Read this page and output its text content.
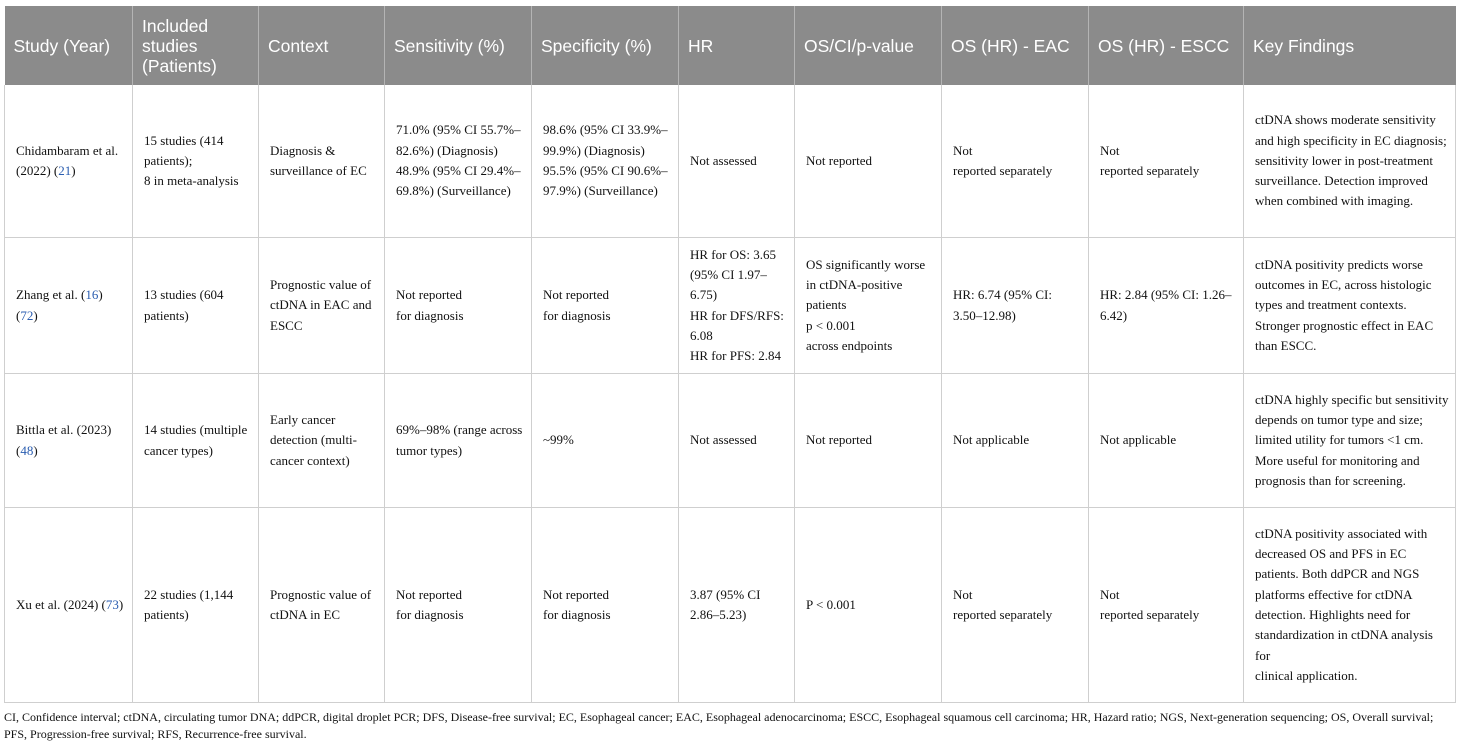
Study (Year)	Included studies (Patients)	Context	Sensitivity (%)	Specificity (%)	HR	OS/CI/p-value	OS (HR) - EAC	OS (HR) - ESCC	Key Findings
Chidambaram et al. (2022) (21)	15 studies (414 patients);
8 in meta-analysis	Diagnosis & surveillance of EC	71.0% (95% CI 55.7%–82.6%) (Diagnosis)
48.9% (95% CI 29.4%–69.8%) (Surveillance)	98.6% (95% CI 33.9%–99.9%) (Diagnosis)
95.5% (95% CI 90.6%–97.9%) (Surveillance)	Not assessed	Not reported	Not
reported separately	Not
reported separately	ctDNA shows moderate sensitivity and high specificity in EC diagnosis; sensitivity lower in post-treatment surveillance. Detection improved when combined with imaging.
Zhang et al. (16) (72)	13 studies (604 patients)	Prognostic value of ctDNA in EAC and ESCC	Not reported
for diagnosis	Not reported
for diagnosis	HR for OS: 3.65 (95% CI 1.97–6.75)
HR for DFS/RFS: 6.08
HR for PFS: 2.84	OS significantly worse in ctDNA-positive patients
p < 0.001
across endpoints	HR: 6.74 (95% CI: 3.50–12.98)	HR: 2.84 (95% CI: 1.26–6.42)	ctDNA positivity predicts worse outcomes in EC, across histologic types and treatment contexts. Stronger prognostic effect in EAC than ESCC.
Bittla et al. (2023) (48)	14 studies (multiple cancer types)	Early cancer detection (multi-cancer context)	69%–98% (range across tumor types)	~99%	Not assessed	Not reported	Not applicable	Not applicable	ctDNA highly specific but sensitivity depends on tumor type and size; limited utility for tumors <1 cm. More useful for monitoring and prognosis than for screening.
Xu et al. (2024) (73)	22 studies (1,144 patients)	Prognostic value of ctDNA in EC	Not reported
for diagnosis	Not reported
for diagnosis	3.87 (95% CI 2.86–5.23)	P < 0.001	Not
reported separately	Not
reported separately	ctDNA positivity associated with decreased OS and PFS in EC patients. Both ddPCR and NGS platforms effective for ctDNA detection. Highlights need for standardization in ctDNA analysis for
clinical application.
CI, Confidence interval; ctDNA, circulating tumor DNA; ddPCR, digital droplet PCR; DFS, Disease-free survival; EC, Esophageal cancer; EAC, Esophageal adenocarcinoma; ESCC, Esophageal squamous cell carcinoma; HR, Hazard ratio; NGS, Next-generation sequencing; OS, Overall survival; PFS, Progression-free survival; RFS, Recurrence-free survival.
